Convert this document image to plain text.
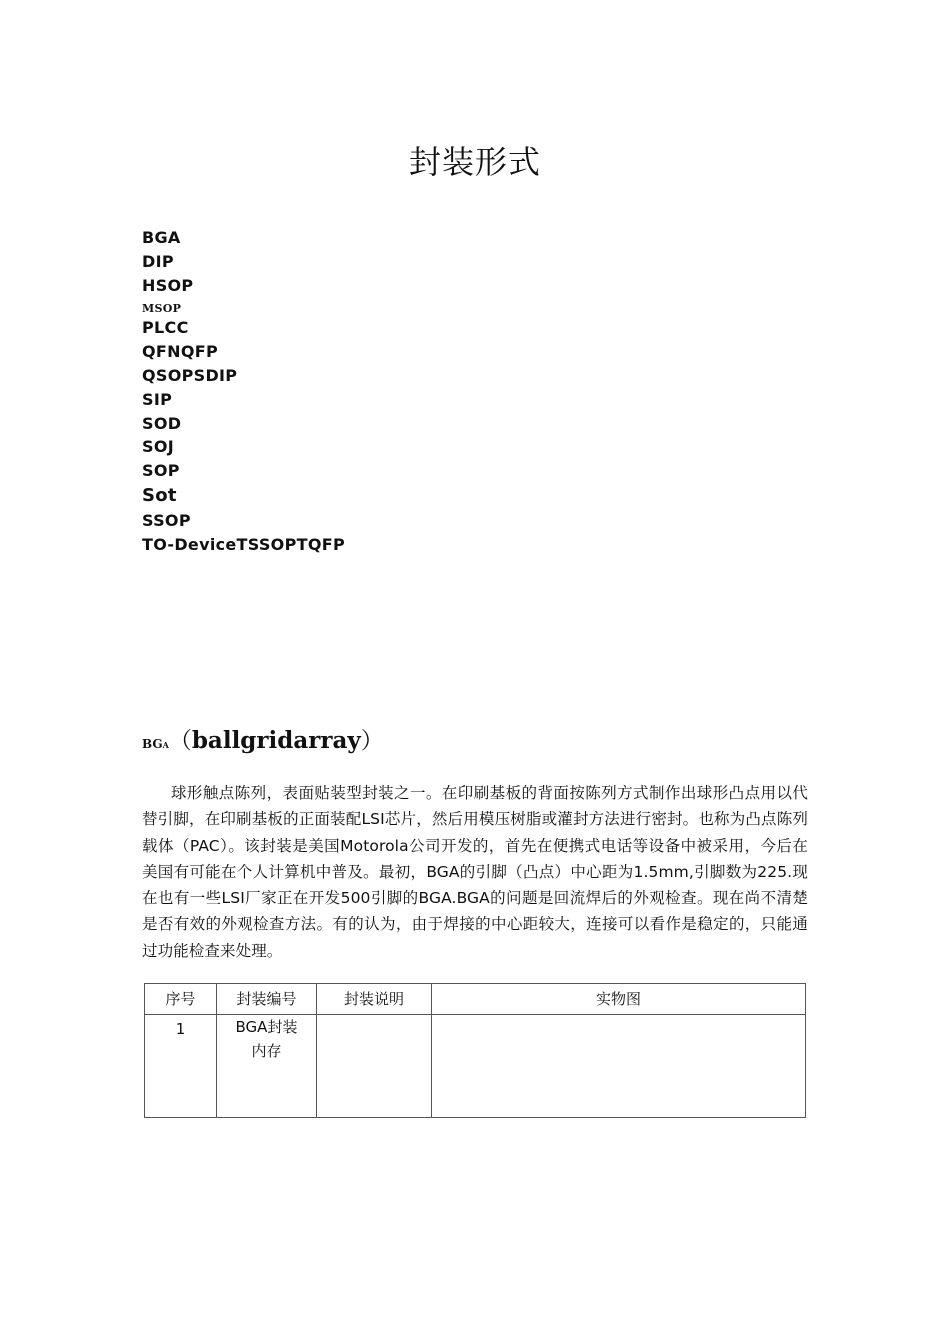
封装形式
BGA
DIP
HSOP
MSOP
PLCC
QFNQFP
QSOPSDIP
SIP
SOD
SOJ
SOP
Sot
SSOP
TO-DeviceTSSOPTQFP
BGA（ballgridarray）

球形触点陈列，表面贴装型封装之一。在印刷基板的背面按陈列方式制作出球形凸点用以代替引脚，在印刷基板的正面装配LSI芯片，然后用模压树脂或灌封方法进行密封。也称为凸点陈列载体（PAC）。该封装是美国Motorola公司开发的，首先在便携式电话等设备中被采用，今后在美国有可能在个人计算机中普及。最初，BGA的引脚（凸点）中心距为1.5mm,引脚数为225.现在也有一些LSI厂家正在开发500引脚的BGA.BGA的问题是回流焊后的外观检查。现在尚不清楚是否有效的外观检查方法。有的认为，由于焊接的中心距较大，连接可以看作是稳定的，只能通过功能检查来处理。

序号	封装编号	封装说明	实物图
1	BGA封装
内存		
